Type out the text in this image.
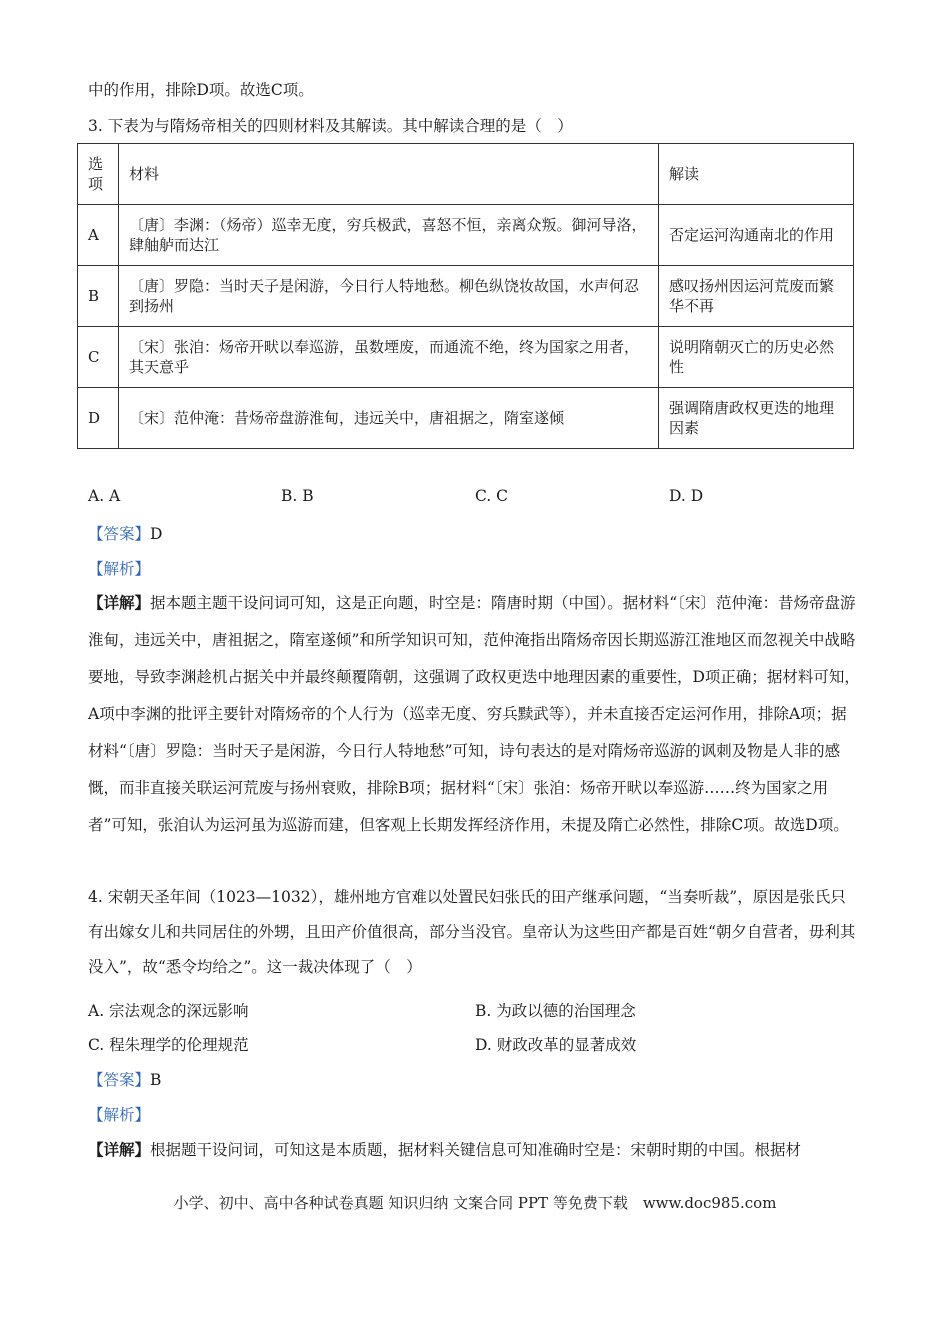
中的作用，排除D项。故选C项。
3. 下表为与隋炀帝相关的四则材料及其解读。其中解读合理的是（　）
选项	材料	解读
A	〔唐〕李渊：（炀帝）巡幸无度，穷兵极武，喜怒不恒，亲离众叛。御河导洛，肆舳舻而达江	否定运河沟通南北的作用
B	〔唐〕罗隐：当时天子是闲游，今日行人特地愁。柳色纵饶妆故国，水声何忍到扬州	感叹扬州因运河荒废而繁华不再
C	〔宋〕张洎：炀帝开畎以奉巡游，虽数堙废，而通流不绝，终为国家之用者，其天意乎	说明隋朝灭亡的历史必然性
D	〔宋〕范仲淹：昔炀帝盘游淮甸，违远关中，唐祖据之，隋室遂倾	强调隋唐政权更迭的地理因素
A. A	B. B	C. C	D. D
【答案】D
【解析】
【详解】据本题主题干设问词可知，这是正向题，时空是：隋唐时期（中国）。据材料“〔宋〕范仲淹：昔炀帝盘游淮甸，违远关中，唐祖据之，隋室遂倾”和所学知识可知，范仲淹指出隋炀帝因长期巡游江淮地区而忽视关中战略要地，导致李渊趁机占据关中并最终颠覆隋朝，这强调了政权更迭中地理因素的重要性，D项正确；据材料可知，A项中李渊的批评主要针对隋炀帝的个人行为（巡幸无度、穷兵黩武等），并未直接否定运河作用，排除A项；据材料“〔唐〕罗隐：当时天子是闲游，今日行人特地愁”可知，诗句表达的是对隋炀帝巡游的讽刺及物是人非的感慨，而非直接关联运河荒废与扬州衰败，排除B项；据材料“〔宋〕张洎：炀帝开畎以奉巡游……终为国家之用者”可知，张洎认为运河虽为巡游而建，但客观上长期发挥经济作用，未提及隋亡必然性，排除C项。故选D项。
4. 宋朝天圣年间（1023—1032），雄州地方官难以处置民妇张氏的田产继承问题，“当奏听裁”，原因是张氏只有出嫁女儿和共同居住的外甥，且田产价值很高，部分当没官。皇帝认为这些田产都是百姓“朝夕自营者，毋利其没入”，故“悉令均给之”。这一裁决体现了（　）
A. 宗法观念的深远影响	B. 为政以德的治国理念
C. 程朱理学的伦理规范	D. 财政改革的显著成效
【答案】B
【解析】
【详解】根据题干设问词，可知这是本质题，据材料关键信息可知准确时空是：宋朝时期的中国。根据材
小学、初中、高中各种试卷真题 知识归纳 文案合同 PPT 等免费下载　www.doc985.com
